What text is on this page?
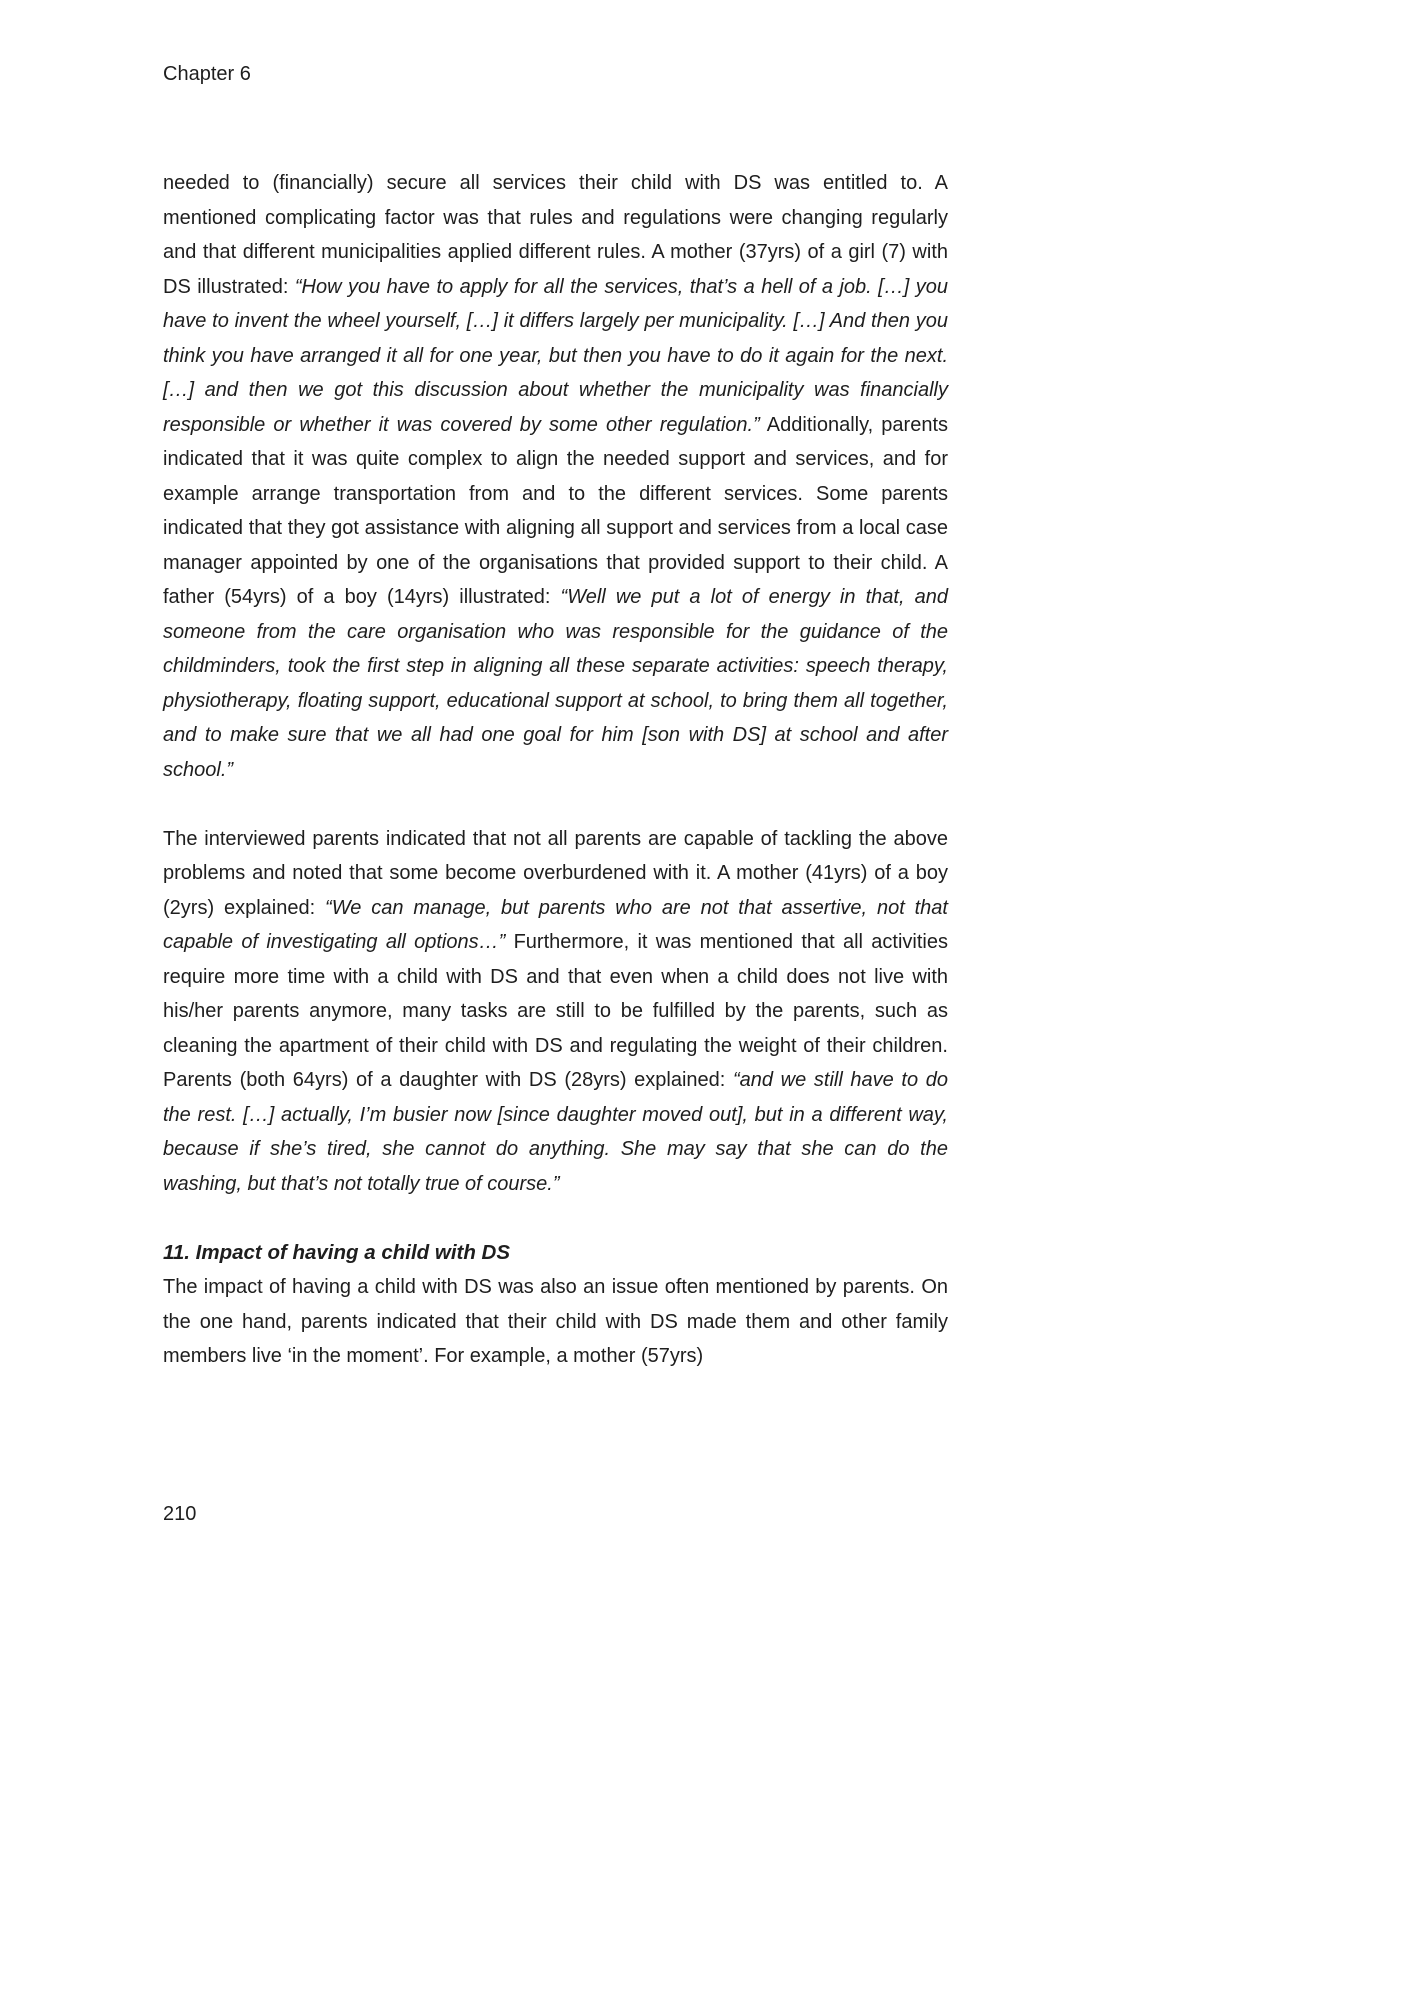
Chapter 6

needed to (financially) secure all services their child with DS was entitled to. A mentioned complicating factor was that rules and regulations were changing regularly and that different municipalities applied different rules. A mother (37yrs) of a girl (7) with DS illustrated: “How you have to apply for all the services, that’s a hell of a job. […] you have to invent the wheel yourself, […] it differs largely per municipality. […] And then you think you have arranged it all for one year, but then you have to do it again for the next. […] and then we got this discussion about whether the municipality was financially responsible or whether it was covered by some other regulation.” Additionally, parents indicated that it was quite complex to align the needed support and services, and for example arrange transportation from and to the different services. Some parents indicated that they got assistance with aligning all support and services from a local case manager appointed by one of the organisations that provided support to their child. A father (54yrs) of a boy (14yrs) illustrated: “Well we put a lot of energy in that, and someone from the care organisation who was responsible for the guidance of the childminders, took the first step in aligning all these separate activities: speech therapy, physiotherapy, floating support, educational support at school, to bring them all together, and to make sure that we all had one goal for him [son with DS] at school and after school.”

The interviewed parents indicated that not all parents are capable of tackling the above problems and noted that some become overburdened with it. A mother (41yrs) of a boy (2yrs) explained: “We can manage, but parents who are not that assertive, not that capable of investigating all options…” Furthermore, it was mentioned that all activities require more time with a child with DS and that even when a child does not live with his/her parents anymore, many tasks are still to be fulfilled by the parents, such as cleaning the apartment of their child with DS and regulating the weight of their children. Parents (both 64yrs) of a daughter with DS (28yrs) explained: “and we still have to do the rest. […] actually, I’m busier now [since daughter moved out], but in a different way, because if she’s tired, she cannot do anything. She may say that she can do the washing, but that’s not totally true of course.”

11. Impact of having a child with DS

The impact of having a child with DS was also an issue often mentioned by parents. On the one hand, parents indicated that their child with DS made them and other family members live ‘in the moment’. For example, a mother (57yrs)

210
